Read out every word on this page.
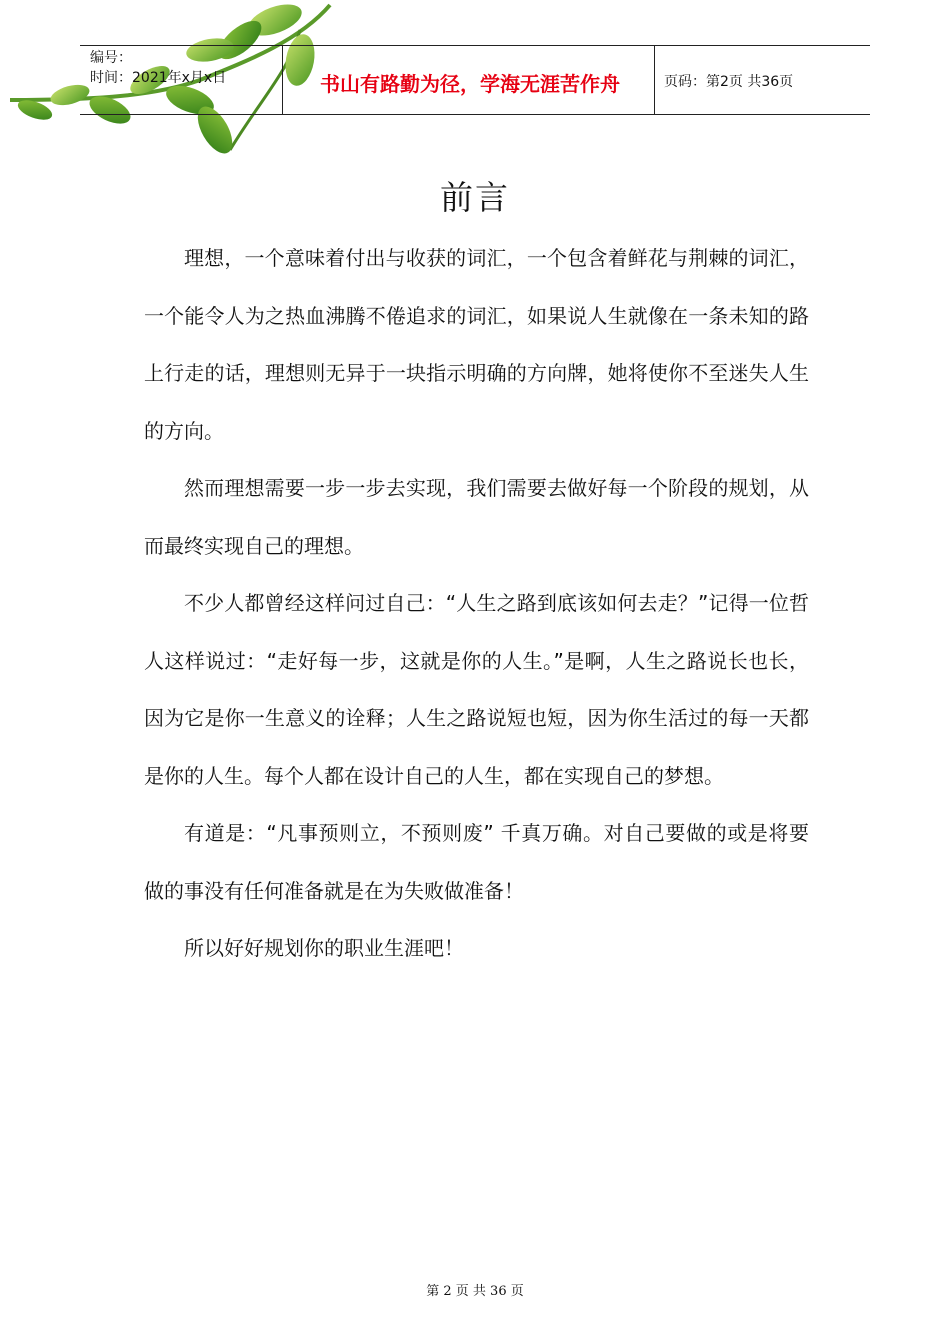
编号：
时间：2021年x月x日	书山有路勤为径，学海无涯苦作舟	页码：第2页 共36页
前言

理想，一个意味着付出与收获的词汇，一个包含着鲜花与荆棘的词汇，一个能令人为之热血沸腾不倦追求的词汇，如果说人生就像在一条未知的路上行走的话，理想则无异于一块指示明确的方向牌，她将使你不至迷失人生的方向。

然而理想需要一步一步去实现，我们需要去做好每一个阶段的规划，从而最终实现自己的理想。

不少人都曾经这样问过自己：“人生之路到底该如何去走？”记得一位哲人这样说过：“走好每一步，这就是你的人生。”是啊，人生之路说长也长，因为它是你一生意义的诠释；人生之路说短也短，因为你生活过的每一天都是你的人生。每个人都在设计自己的人生，都在实现自己的梦想。

有道是：“凡事预则立，不预则废” 千真万确。对自己要做的或是将要做的事没有任何准备就是在为失败做准备！

所以好好规划你的职业生涯吧！

第 2 页 共 36 页
